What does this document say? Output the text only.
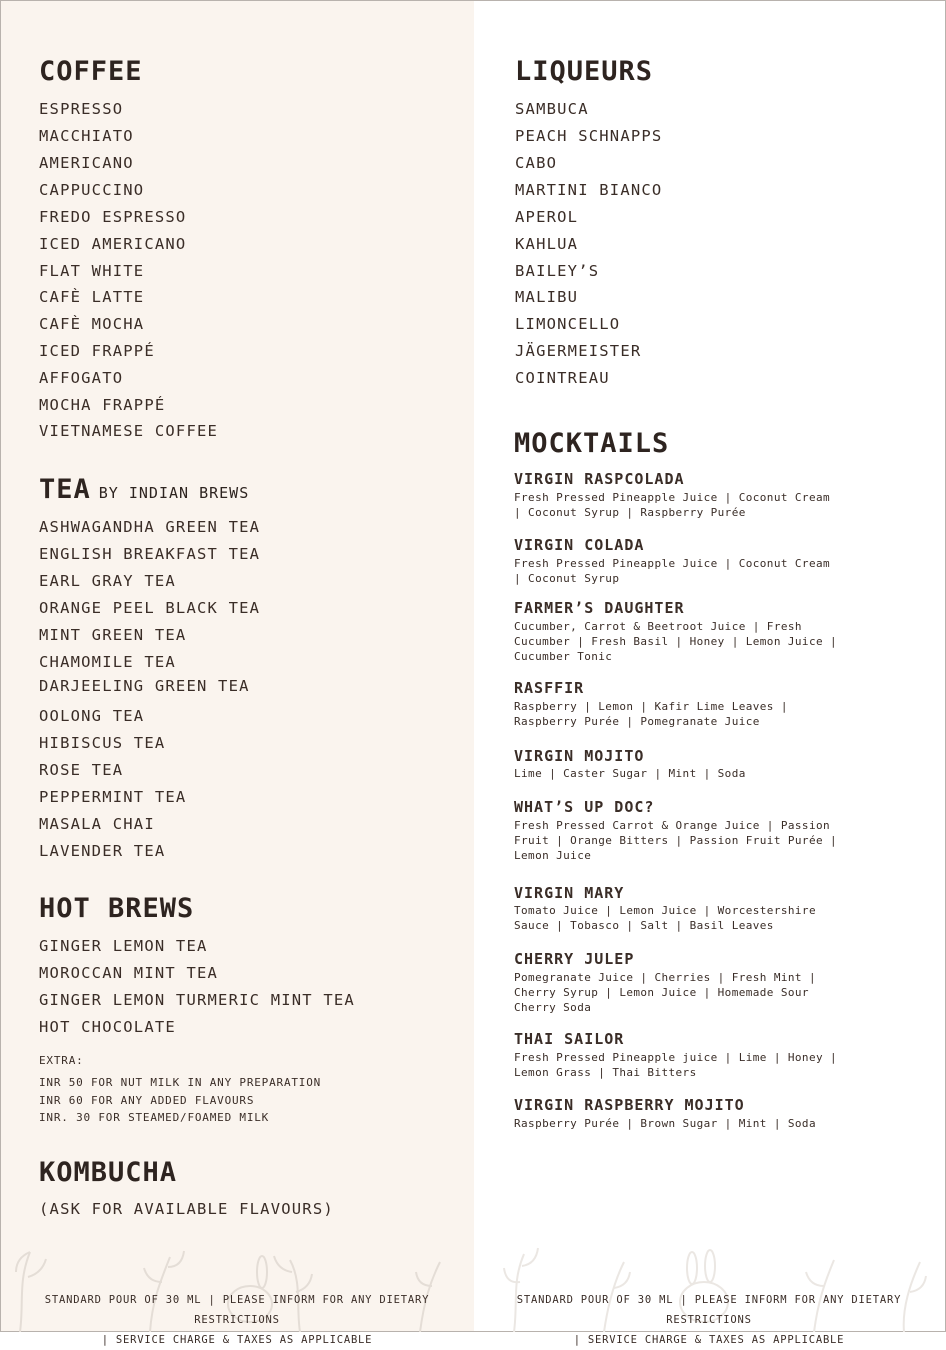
COFFEE

ESPRESSO

MACCHIATO

AMERICANO

CAPPUCCINO

FREDO ESPRESSO

ICED AMERICANO

FLAT WHITE

CAFÈ LATTE

CAFÈ MOCHA

ICED FRAPPÉ

AFFOGATO

MOCHA FRAPPÉ

VIETNAMESE COFFEE

TEA BY INDIAN BREWS

ASHWAGANDHA GREEN TEA

ENGLISH BREAKFAST TEA

EARL GRAY TEA

ORANGE PEEL BLACK TEA

MINT GREEN TEA

CHAMOMILE TEA

DARJEELING GREEN TEA

OOLONG TEA

HIBISCUS TEA

ROSE TEA

PEPPERMINT TEA

MASALA CHAI

LAVENDER TEA

HOT BREWS

GINGER LEMON TEA

MOROCCAN MINT TEA

GINGER LEMON TURMERIC MINT TEA

HOT CHOCOLATE

EXTRA:

INR 50 FOR NUT MILK IN ANY PREPARATION

INR 60 FOR ANY ADDED FLAVOURS

INR. 30 FOR STEAMED/FOAMED MILK

KOMBUCHA

(ASK FOR AVAILABLE FLAVOURS)

LIQUEURS

SAMBUCA

PEACH SCHNAPPS

CABO

MARTINI BIANCO

APEROL

KAHLUA

BAILEY’S

MALIBU

LIMONCELLO

JÄGERMEISTER

COINTREAU

MOCKTAILS

VIRGIN RASPCOLADA

Fresh Pressed Pineapple Juice | Coconut Cream | Coconut Syrup | Raspberry Purée

VIRGIN COLADA

Fresh Pressed Pineapple Juice | Coconut Cream | Coconut Syrup

FARMER’S DAUGHTER

Cucumber, Carrot & Beetroot Juice | Fresh Cucumber | Fresh Basil | Honey | Lemon Juice | Cucumber Tonic

RASFFIR

Raspberry | Lemon | Kafir Lime Leaves | Raspberry Purée | Pomegranate Juice

VIRGIN MOJITO

Lime | Caster Sugar | Mint | Soda

WHAT’S UP DOC?

Fresh Pressed Carrot & Orange Juice | Passion Fruit | Orange Bitters | Passion Fruit Purée | Lemon Juice

VIRGIN MARY

Tomato Juice | Lemon Juice | Worcestershire Sauce | Tobasco | Salt | Basil Leaves

CHERRY JULEP

Pomegranate Juice | Cherries | Fresh Mint | Cherry Syrup | Lemon Juice | Homemade Sour Cherry Soda

THAI SAILOR

Fresh Pressed Pineapple juice | Lime | Honey | Lemon Grass | Thai Bitters

VIRGIN RASPBERRY MOJITO

Raspberry Purée | Brown Sugar | Mint | Soda

STANDARD POUR OF 30 ML | PLEASE INFORM FOR ANY DIETARY RESTRICTIONS
| SERVICE CHARGE & TAXES AS APPLICABLE
STANDARD POUR OF 30 ML | PLEASE INFORM FOR ANY DIETARY RESTRICTIONS
| SERVICE CHARGE & TAXES AS APPLICABLE
